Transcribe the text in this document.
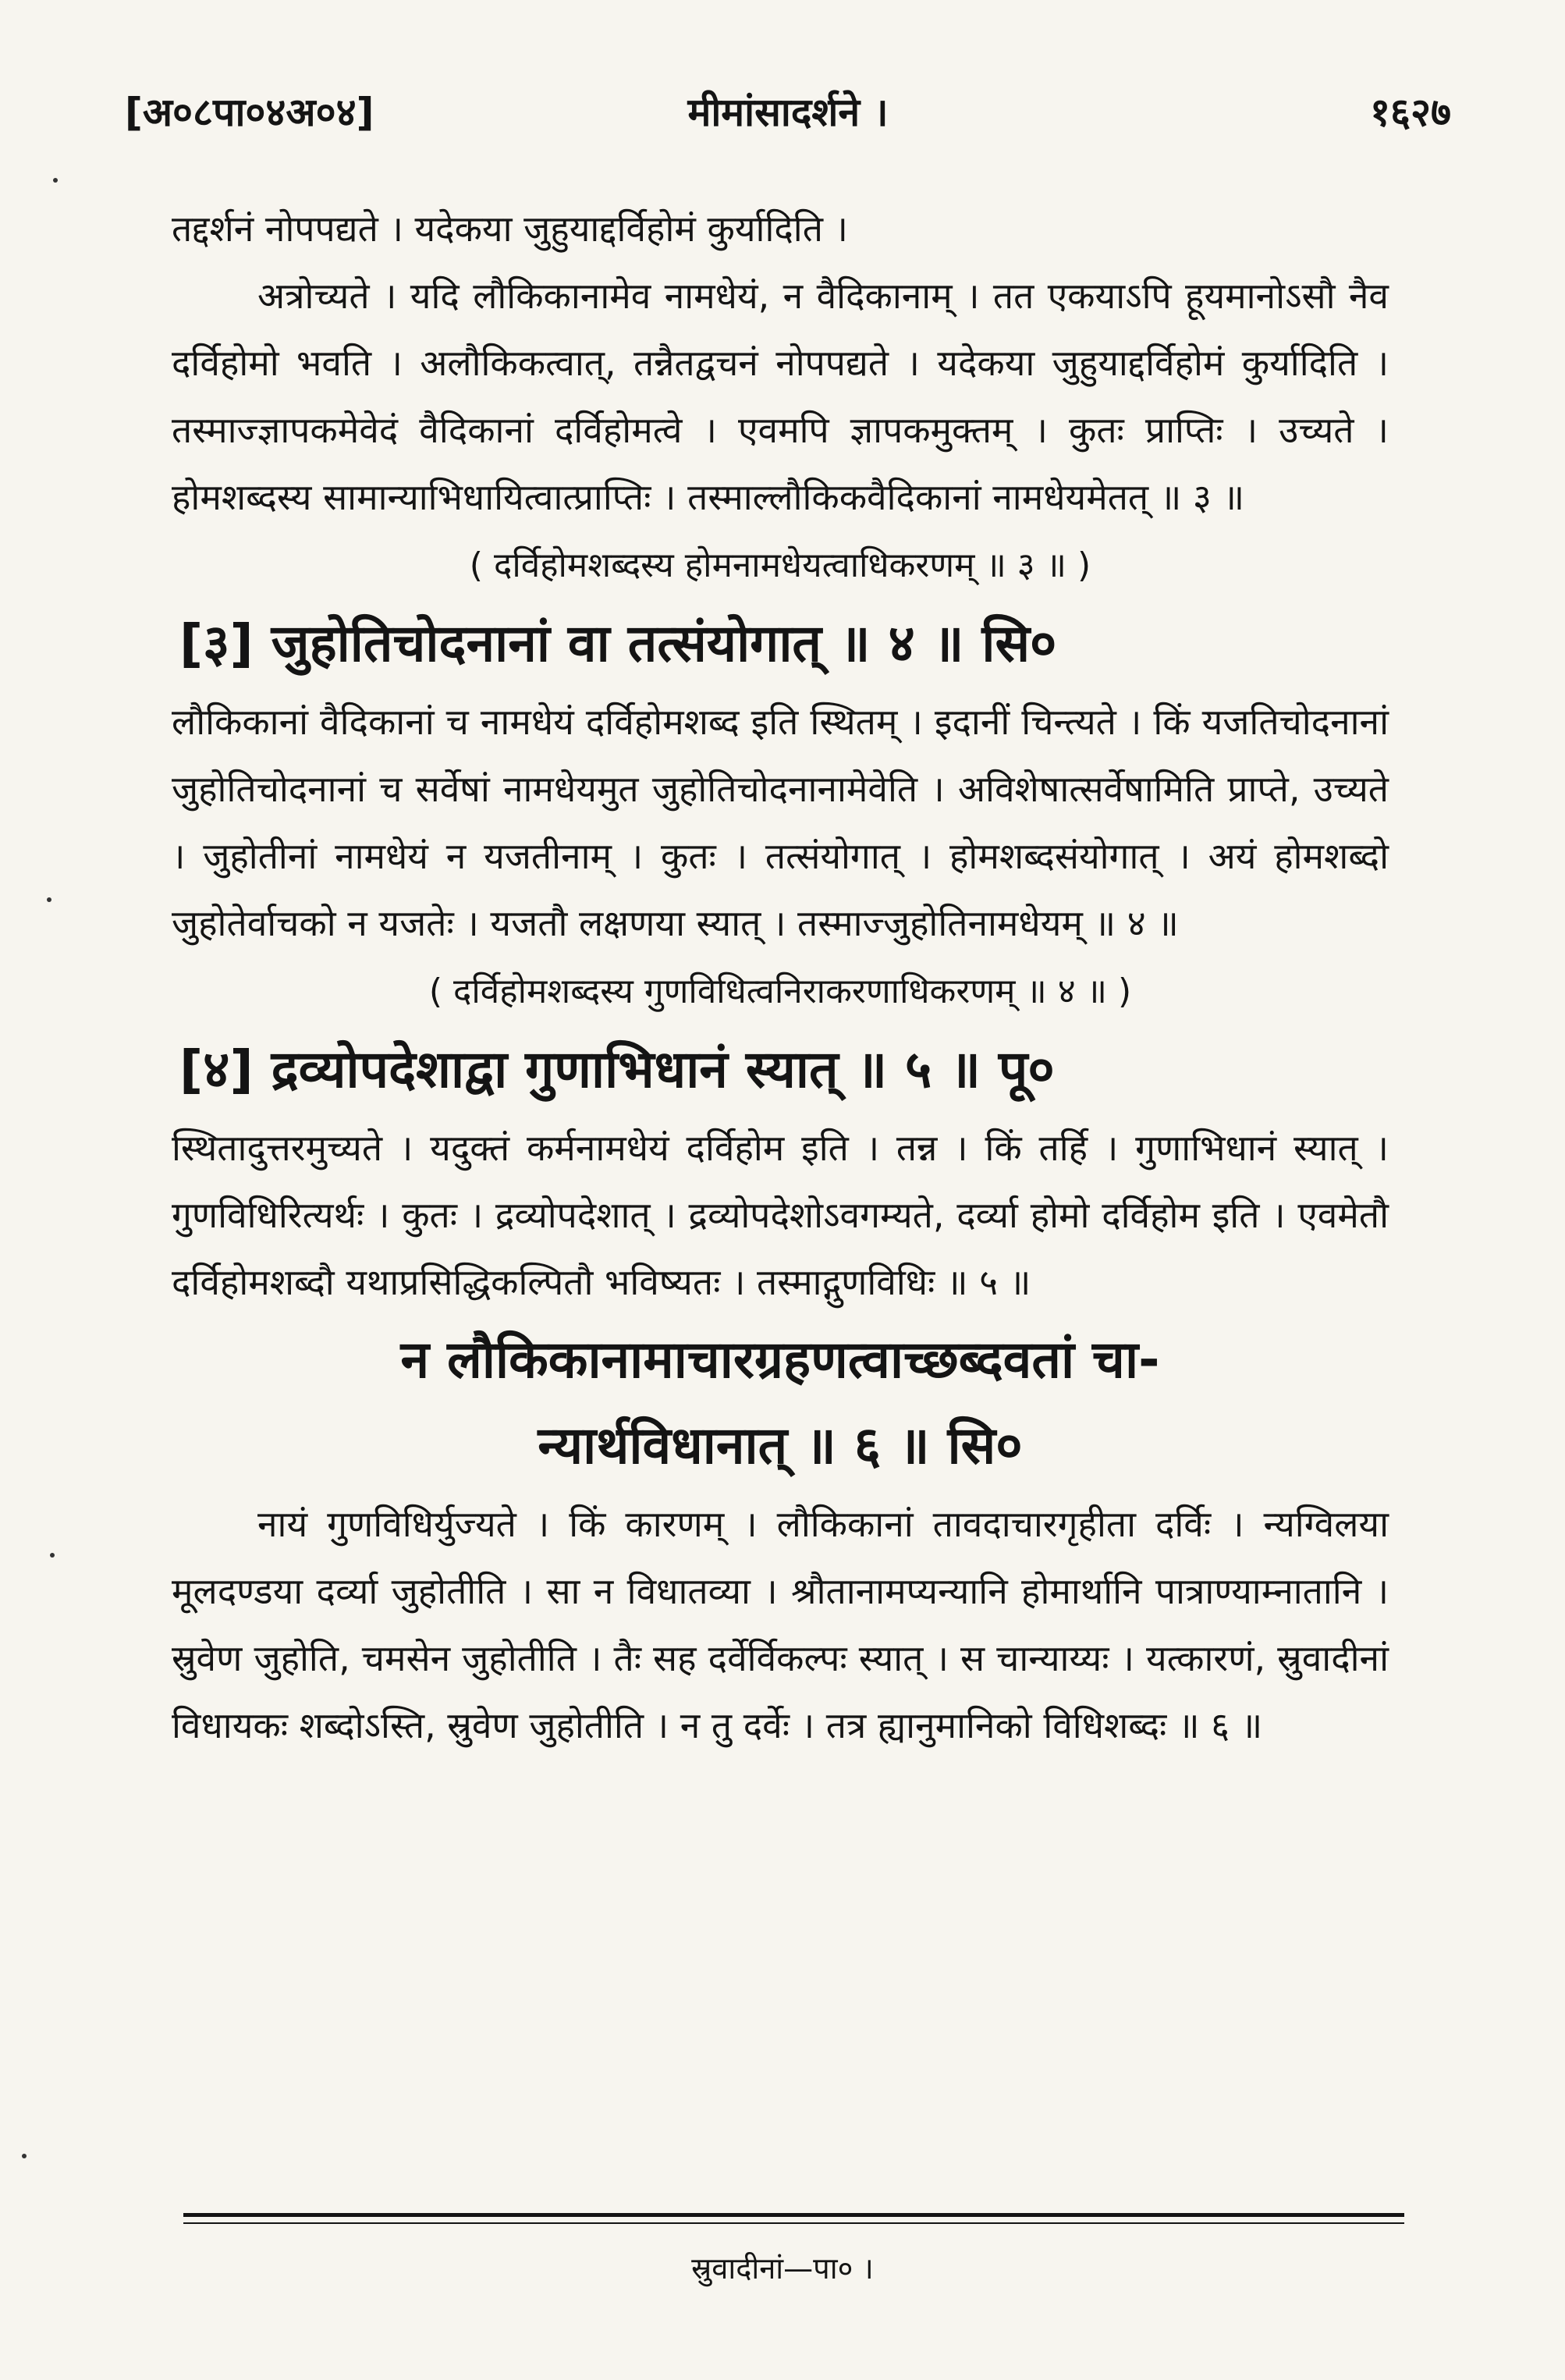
[अ०८पा०४अ०४]	मीमांसादर्शने ।	१६२७

तद्दर्शनं नोपपद्यते । यदेकया जुहुयाद्दर्विहोमं कुर्यादिति ।

अत्रोच्यते । यदि लौकिकानामेव नामधेयं, न वैदिकानाम् । तत एकयाऽपि हूयमानोऽसौ नैव दर्विहोमो भवति । अलौकिकत्वात्, तन्नैतद्वचनं नोपपद्यते । यदेकया जुहुयाद्दर्विहोमं कुर्यादिति । तस्माज्ज्ञापकमेवेदं वैदिकानां दर्विहोमत्वे । एवमपि ज्ञापकमुक्तम् । कुतः प्राप्तिः । उच्यते । होमशब्दस्य सामान्याभिधायित्वात्प्राप्तिः । तस्माल्लौकिकवैदिकानां नामधेयमेतत् ॥ ३ ॥

( दर्विहोमशब्दस्य होमनामधेयत्वाधिकरणम् ॥ ३ ॥ )

[३] जुहोतिचोदनानां वा तत्संयोगात् ॥ ४ ॥ सि०

लौकिकानां वैदिकानां च नामधेयं दर्विहोमशब्द इति स्थितम् । इदानीं चिन्त्यते । किं यजतिचोदनानां जुहोतिचोदनानां च सर्वेषां नामधेयमुत जुहोतिचोदनानामेवेति । अविशेषात्सर्वेषामिति प्राप्ते, उच्यते । जुहोतीनां नामधेयं न यजतीनाम् । कुतः । तत्संयोगात् । होमशब्दसंयोगात् । अयं होमशब्दो जुहोतेर्वाचको न यजतेः । यजतौ लक्षणया स्यात् । तस्माज्जुहोतिनामधेयम् ॥ ४ ॥

( दर्विहोमशब्दस्य गुणविधित्वनिराकरणाधिकरणम् ॥ ४ ॥ )

[४] द्रव्योपदेशाद्वा गुणाभिधानं स्यात् ॥ ५ ॥ पू०

स्थितादुत्तरमुच्यते । यदुक्तं कर्मनामधेयं दर्विहोम इति । तन्न । किं तर्हि । गुणाभिधानं स्यात् । गुणविधिरित्यर्थः । कुतः । द्रव्योपदेशात् । द्रव्योपदेशोऽवगम्यते, दर्व्या होमो दर्विहोम इति । एवमेतौ दर्विहोमशब्दौ यथाप्रसिद्धिकल्पितौ भविष्यतः । तस्माद्गुणविधिः ॥ ५ ॥

न लौकिकानामाचारग्रहणत्वाच्छब्दवतां चा-

न्यार्थविधानात् ॥ ६ ॥ सि०

नायं गुणविधिर्युज्यते । किं कारणम् । लौकिकानां तावदाचारगृहीता दर्विः । न्यग्विलया मूलदण्डया दर्व्या जुहोतीति । सा न विधातव्या । श्रौतानामप्यन्यानि होमार्थानि पात्राण्याम्नातानि । स्रुवेण जुहोति, चमसेन जुहोतीति । तैः सह दर्वेर्विकल्पः स्यात् । स चान्याय्यः । यत्कारणं, स्रुवादीनां विधायकः शब्दोऽस्ति, स्रुवेण जुहोतीति । न तु दर्वेः । तत्र ह्यानुमानिको विधिशब्दः ॥ ६ ॥

स्रुवादीनां—पा० ।
